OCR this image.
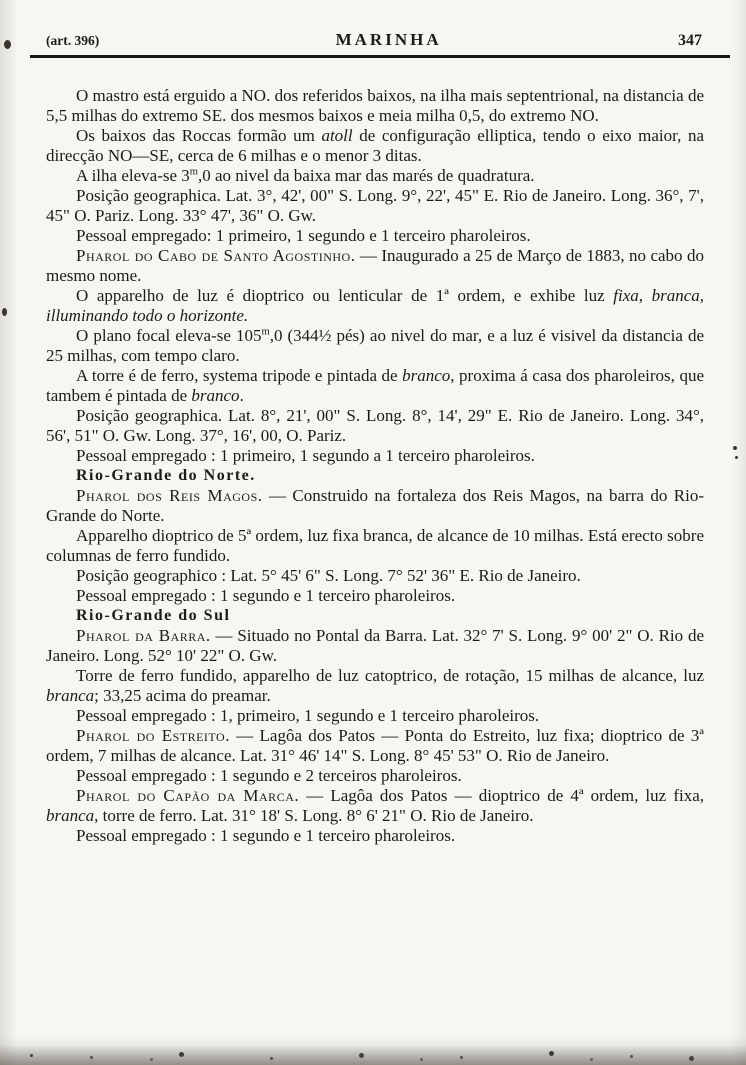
(art. 396)	MARINHA	347

O mastro está erguido a NO. dos referidos baixos, na ilha mais septentrional, na distancia de 5,5 milhas do extremo SE. dos mesmos baixos e meia milha 0,5, do extremo NO.

Os baixos das Roccas formão um atoll de configuração elliptica, tendo o eixo maior, na direcção NO—SE, cerca de 6 milhas e o menor 3 ditas.

A ilha eleva-se 3$^m$,0 ao nivel da baixa mar das marés de quadratura.

Posição geographica. Lat. 3°, 42', 00" S. Long. 9°, 22', 45" E. Rio de Janeiro. Long. 36°, 7', 45" O. Pariz. Long. 33° 47', 36" O. Gw.

Pessoal empregado: 1 primeiro, 1 segundo e 1 terceiro pharoleiros.

Pharol do Cabo de Santo Agostinho. — Inaugurado a 25 de Março de 1883, no cabo do mesmo nome.

O apparelho de luz é dioptrico ou lenticular de 1ª ordem, e exhibe luz fixa, branca, illuminando todo o horizonte.

O plano focal eleva-se 105$^m$,0 (344½ pés) ao nivel do mar, e a luz é visivel da distancia de 25 milhas, com tempo claro.

A torre é de ferro, systema tripode e pintada de branco, proxima á casa dos pharoleiros, que tambem é pintada de branco.

Posição geographica. Lat. 8°, 21', 00" S. Long. 8°, 14', 29" E. Rio de Janeiro. Long. 34°, 56', 51" O. Gw. Long. 37°, 16', 00, O. Pariz.

Pessoal empregado : 1 primeiro, 1 segundo a 1 terceiro pharoleiros.

Rio-Grande do Norte.

Pharol dos Reis Magos. — Construido na fortaleza dos Reis Magos, na barra do Rio-Grande do Norte.

Apparelho dioptrico de 5ª ordem, luz fixa branca, de alcance de 10 milhas. Está erecto sobre columnas de ferro fundido.

Posição geographico : Lat. 5° 45' 6" S. Long. 7° 52' 36" E. Rio de Janeiro.

Pessoal empregado : 1 segundo e 1 terceiro pharoleiros.

Rio-Grande do Sul

Pharol da Barra. — Situado no Pontal da Barra. Lat. 32° 7' S. Long. 9° 00' 2" O. Rio de Janeiro. Long. 52° 10' 22" O. Gw.

Torre de ferro fundido, apparelho de luz catoptrico, de rotação, 15 milhas de alcance, luz branca; 33,25 acima do preamar.

Pessoal empregado : 1, primeiro, 1 segundo e 1 terceiro pharoleiros.

Pharol do Estreito. — Lagôa dos Patos — Ponta do Estreito, luz fixa; dioptrico de 3ª ordem, 7 milhas de alcance. Lat. 31° 46' 14" S. Long. 8° 45' 53" O. Rio de Janeiro.

Pessoal empregado : 1 segundo e 2 terceiros pharoleiros.

Pharol do Capão da Marca. — Lagôa dos Patos — dioptrico de 4ª ordem, luz fixa, branca, torre de ferro. Lat. 31° 18' S. Long. 8° 6' 21" O. Rio de Janeiro.

Pessoal empregado : 1 segundo e 1 terceiro pharoleiros.
